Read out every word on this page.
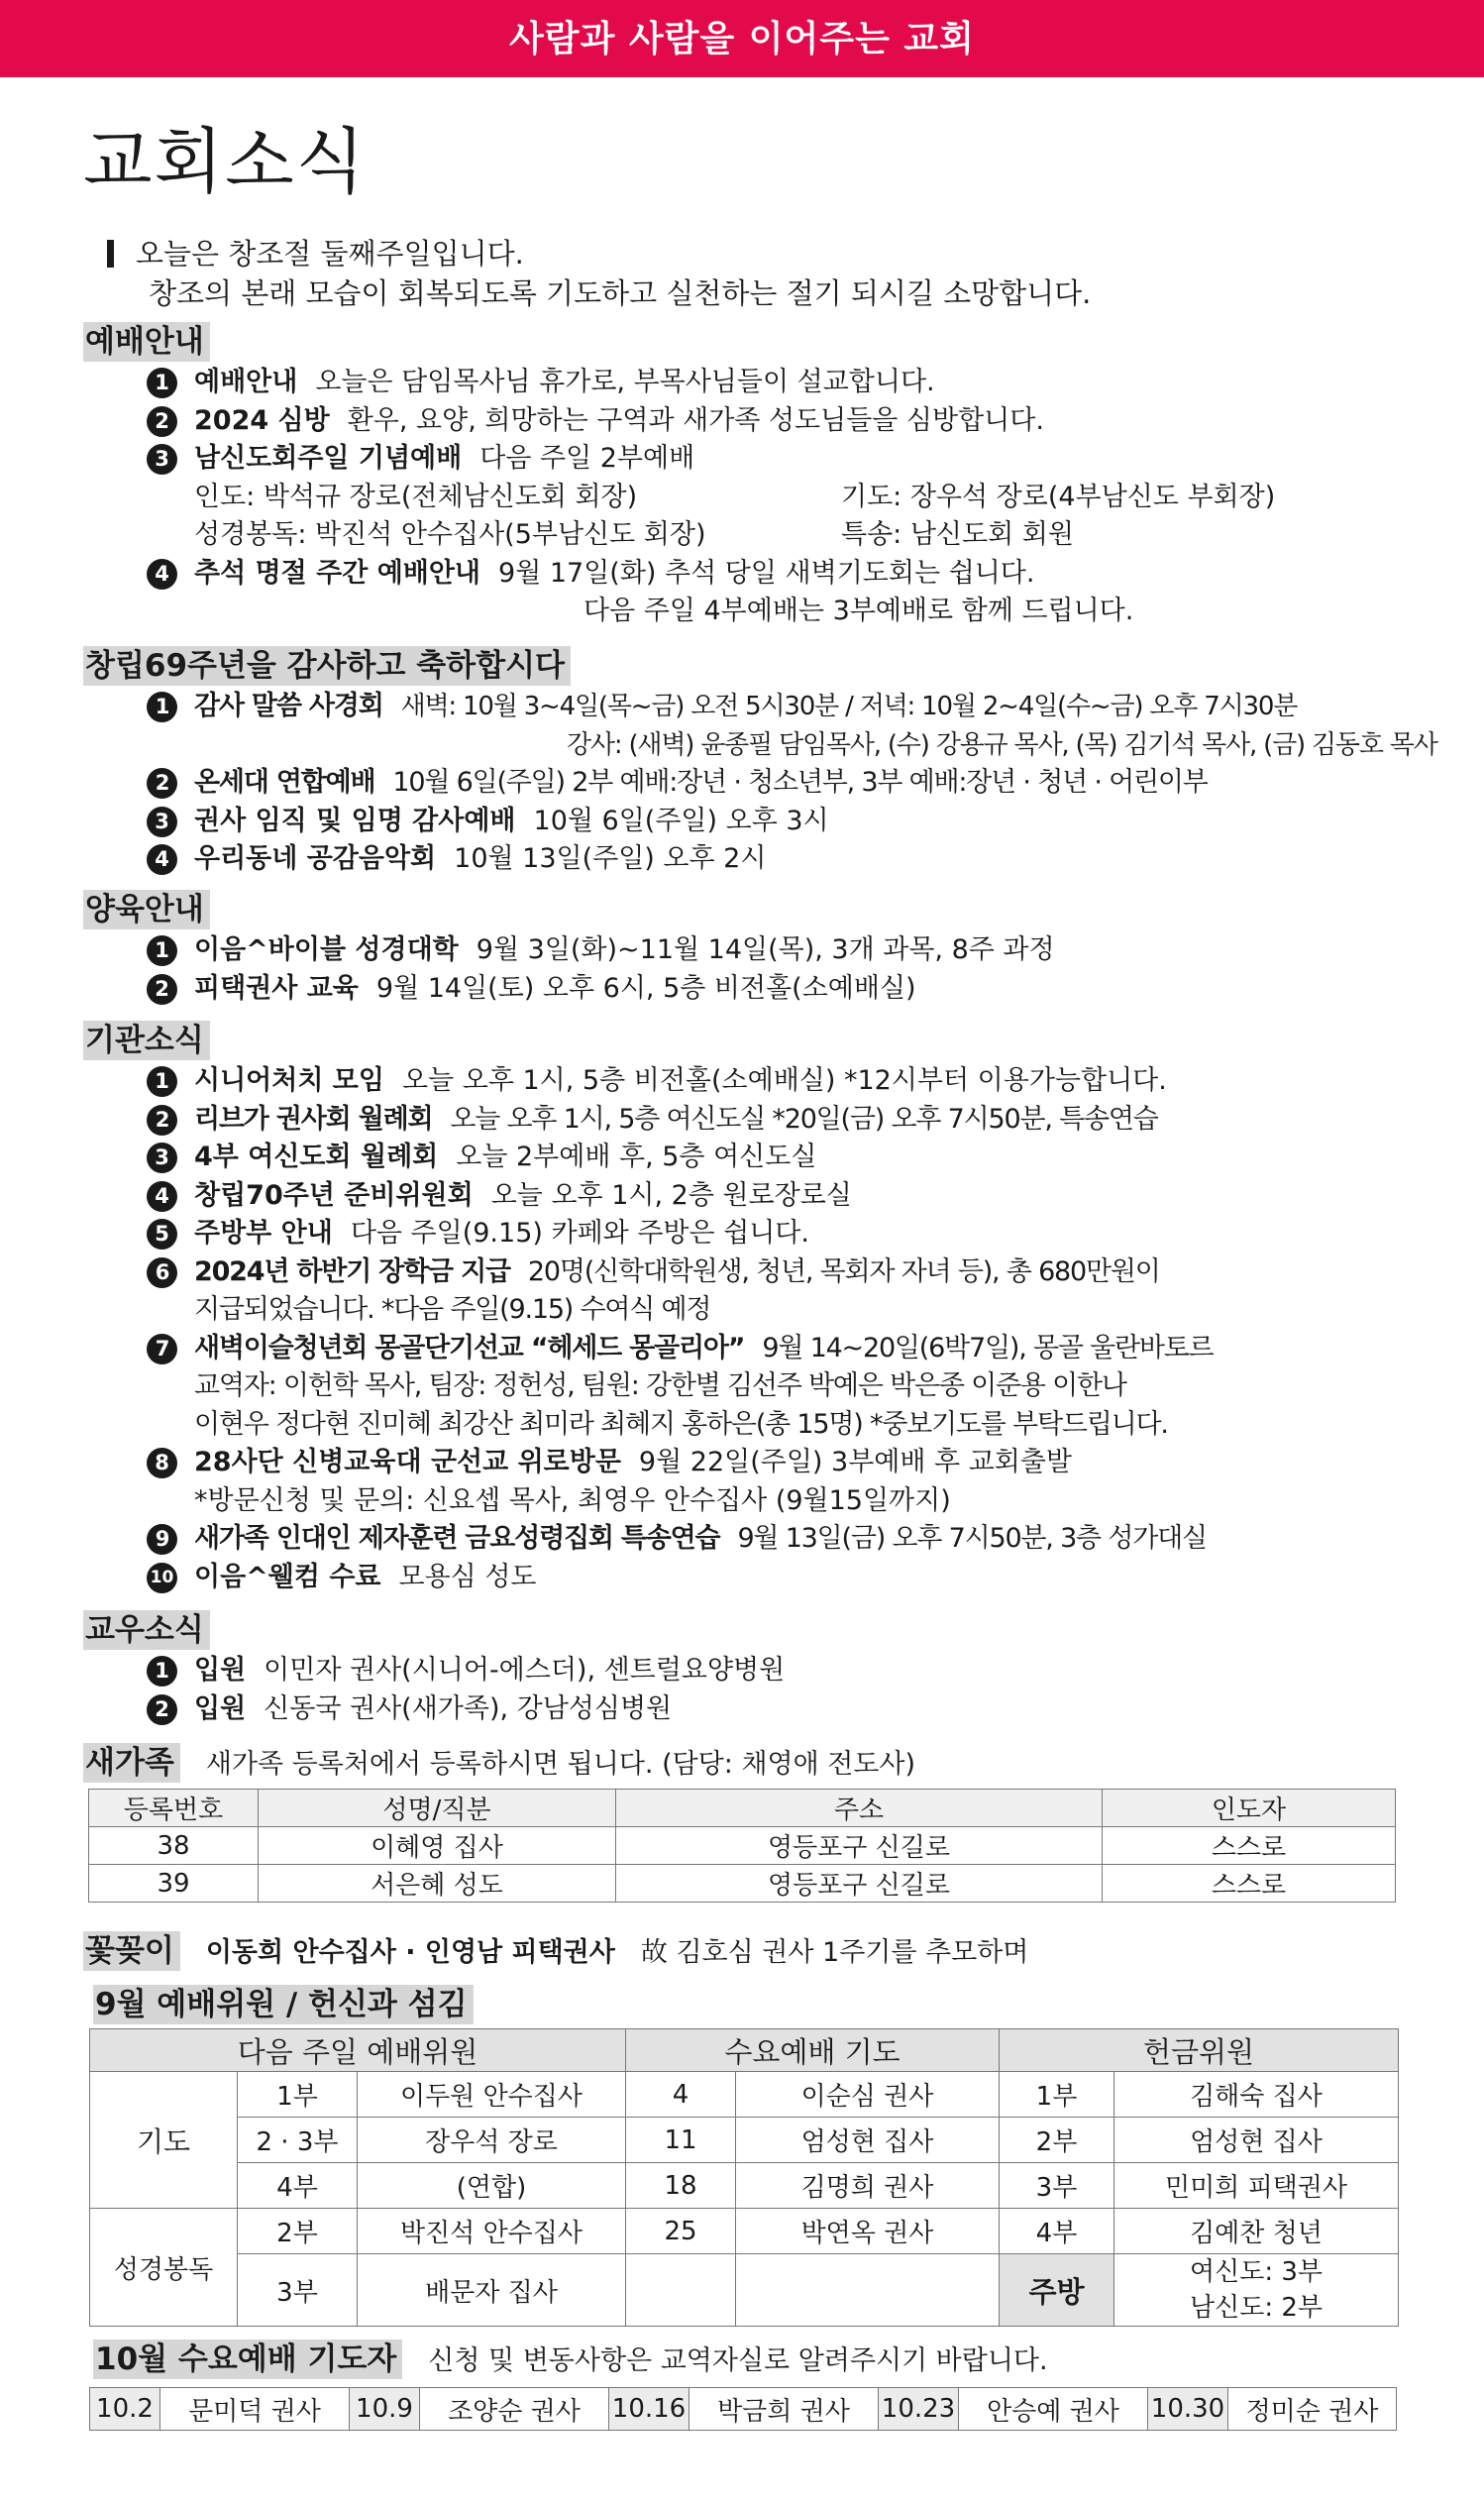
사람과 사람을 이어주는 교회
교회소식
오늘은 창조절 둘째주일입니다.
창조의 본래 모습이 회복되도록 기도하고 실천하는 절기 되시길 소망합니다.
예배안내
1 예배안내 오늘은 담임목사님 휴가로, 부목사님들이 설교합니다.
2 2024 심방 환우, 요양, 희망하는 구역과 새가족 성도님들을 심방합니다.
3 남신도회주일 기념예배 다음 주일 2부예배
인도: 박석규 장로(전체남신도회 회장)	기도: 장우석 장로(4부남신도 부회장)
성경봉독: 박진석 안수집사(5부남신도 회장)	특송: 남신도회 회원
4 추석 명절 주간 예배안내 9월 17일(화) 추석 당일 새벽기도회는 쉽니다.
다음 주일 4부예배는 3부예배로 함께 드립니다.
창립69주년을 감사하고 축하합시다
1 감사 말씀 사경회 새벽: 10월 3~4일(목~금) 오전 5시30분 / 저녁: 10월 2~4일(수~금) 오후 7시30분
강사: (새벽) 윤종필 담임목사, (수) 강용규 목사, (목) 김기석 목사, (금) 김동호 목사
2 온세대 연합예배 10월 6일(주일) 2부 예배:장년 · 청소년부, 3부 예배:장년 · 청년 · 어린이부
3 권사 임직 및 임명 감사예배 10월 6일(주일) 오후 3시
4 우리동네 공감음악회 10월 13일(주일) 오후 2시
양육안내
1 이음^바이블 성경대학 9월 3일(화)~11월 14일(목), 3개 과목, 8주 과정
2 피택권사 교육 9월 14일(토) 오후 6시, 5층 비전홀(소예배실)
기관소식
1 시니어처치 모임 오늘 오후 1시, 5층 비전홀(소예배실) *12시부터 이용가능합니다.
2 리브가 권사회 월례회 오늘 오후 1시, 5층 여신도실 *20일(금) 오후 7시50분, 특송연습
3 4부 여신도회 월례회 오늘 2부예배 후, 5층 여신도실
4 창립70주년 준비위원회 오늘 오후 1시, 2층 원로장로실
5 주방부 안내 다음 주일(9.15) 카페와 주방은 쉽니다.
6 2024년 하반기 장학금 지급 20명(신학대학원생, 청년, 목회자 자녀 등), 총 680만원이
지급되었습니다. *다음 주일(9.15) 수여식 예정
7 새벽이슬청년회 몽골단기선교 “헤세드 몽골리아” 9월 14~20일(6박7일), 몽골 울란바토르
교역자: 이헌학 목사, 팀장: 정헌성, 팀원: 강한별 김선주 박예은 박은종 이준용 이한나
이현우 정다현 진미혜 최강산 최미라 최혜지 홍하은(총 15명) *중보기도를 부탁드립니다.
8 28사단 신병교육대 군선교 위로방문 9월 22일(주일) 3부예배 후 교회출발
*방문신청 및 문의: 신요셉 목사, 최영우 안수집사 (9월15일까지)
9 새가족 인대인 제자훈련 금요성령집회 특송연습 9월 13일(금) 오후 7시50분, 3층 성가대실
10 이음^웰컴 수료 모용심 성도
교우소식
1 입원 이민자 권사(시니어-에스더), 센트럴요양병원
2 입원 신동국 권사(새가족), 강남성심병원
새가족 새가족 등록처에서 등록하시면 됩니다. (담당: 채영애 전도사)
등록번호	성명/직분	주소	인도자
38	이혜영 집사	영등포구 신길로	스스로
39	서은혜 성도	영등포구 신길로	스스로
꽃꽂이 이동희 안수집사 · 인영남 피택권사 故 김호심 권사 1주기를 추모하며
9월 예배위원 / 헌신과 섬김
다음 주일 예배위원			수요예배 기도		헌금위원	
기도	1부	이두원 안수집사	4	이순심 권사	1부	김해숙 집사
	2 · 3부	장우석 장로	11	엄성현 집사	2부	엄성현 집사
	4부	(연합)	18	김명희 권사	3부	민미희 피택권사
성경봉독	2부	박진석 안수집사	25	박연옥 권사	4부	김예찬 청년
	3부	배문자 집사			주방	여신도: 3부
남신도: 2부
10월 수요예배 기도자 신청 및 변동사항은 교역자실로 알려주시기 바랍니다.
10.2	문미덕 권사	10.9	조양순 권사	10.16	박금희 권사	10.23	안승예 권사	10.30	정미순 권사
